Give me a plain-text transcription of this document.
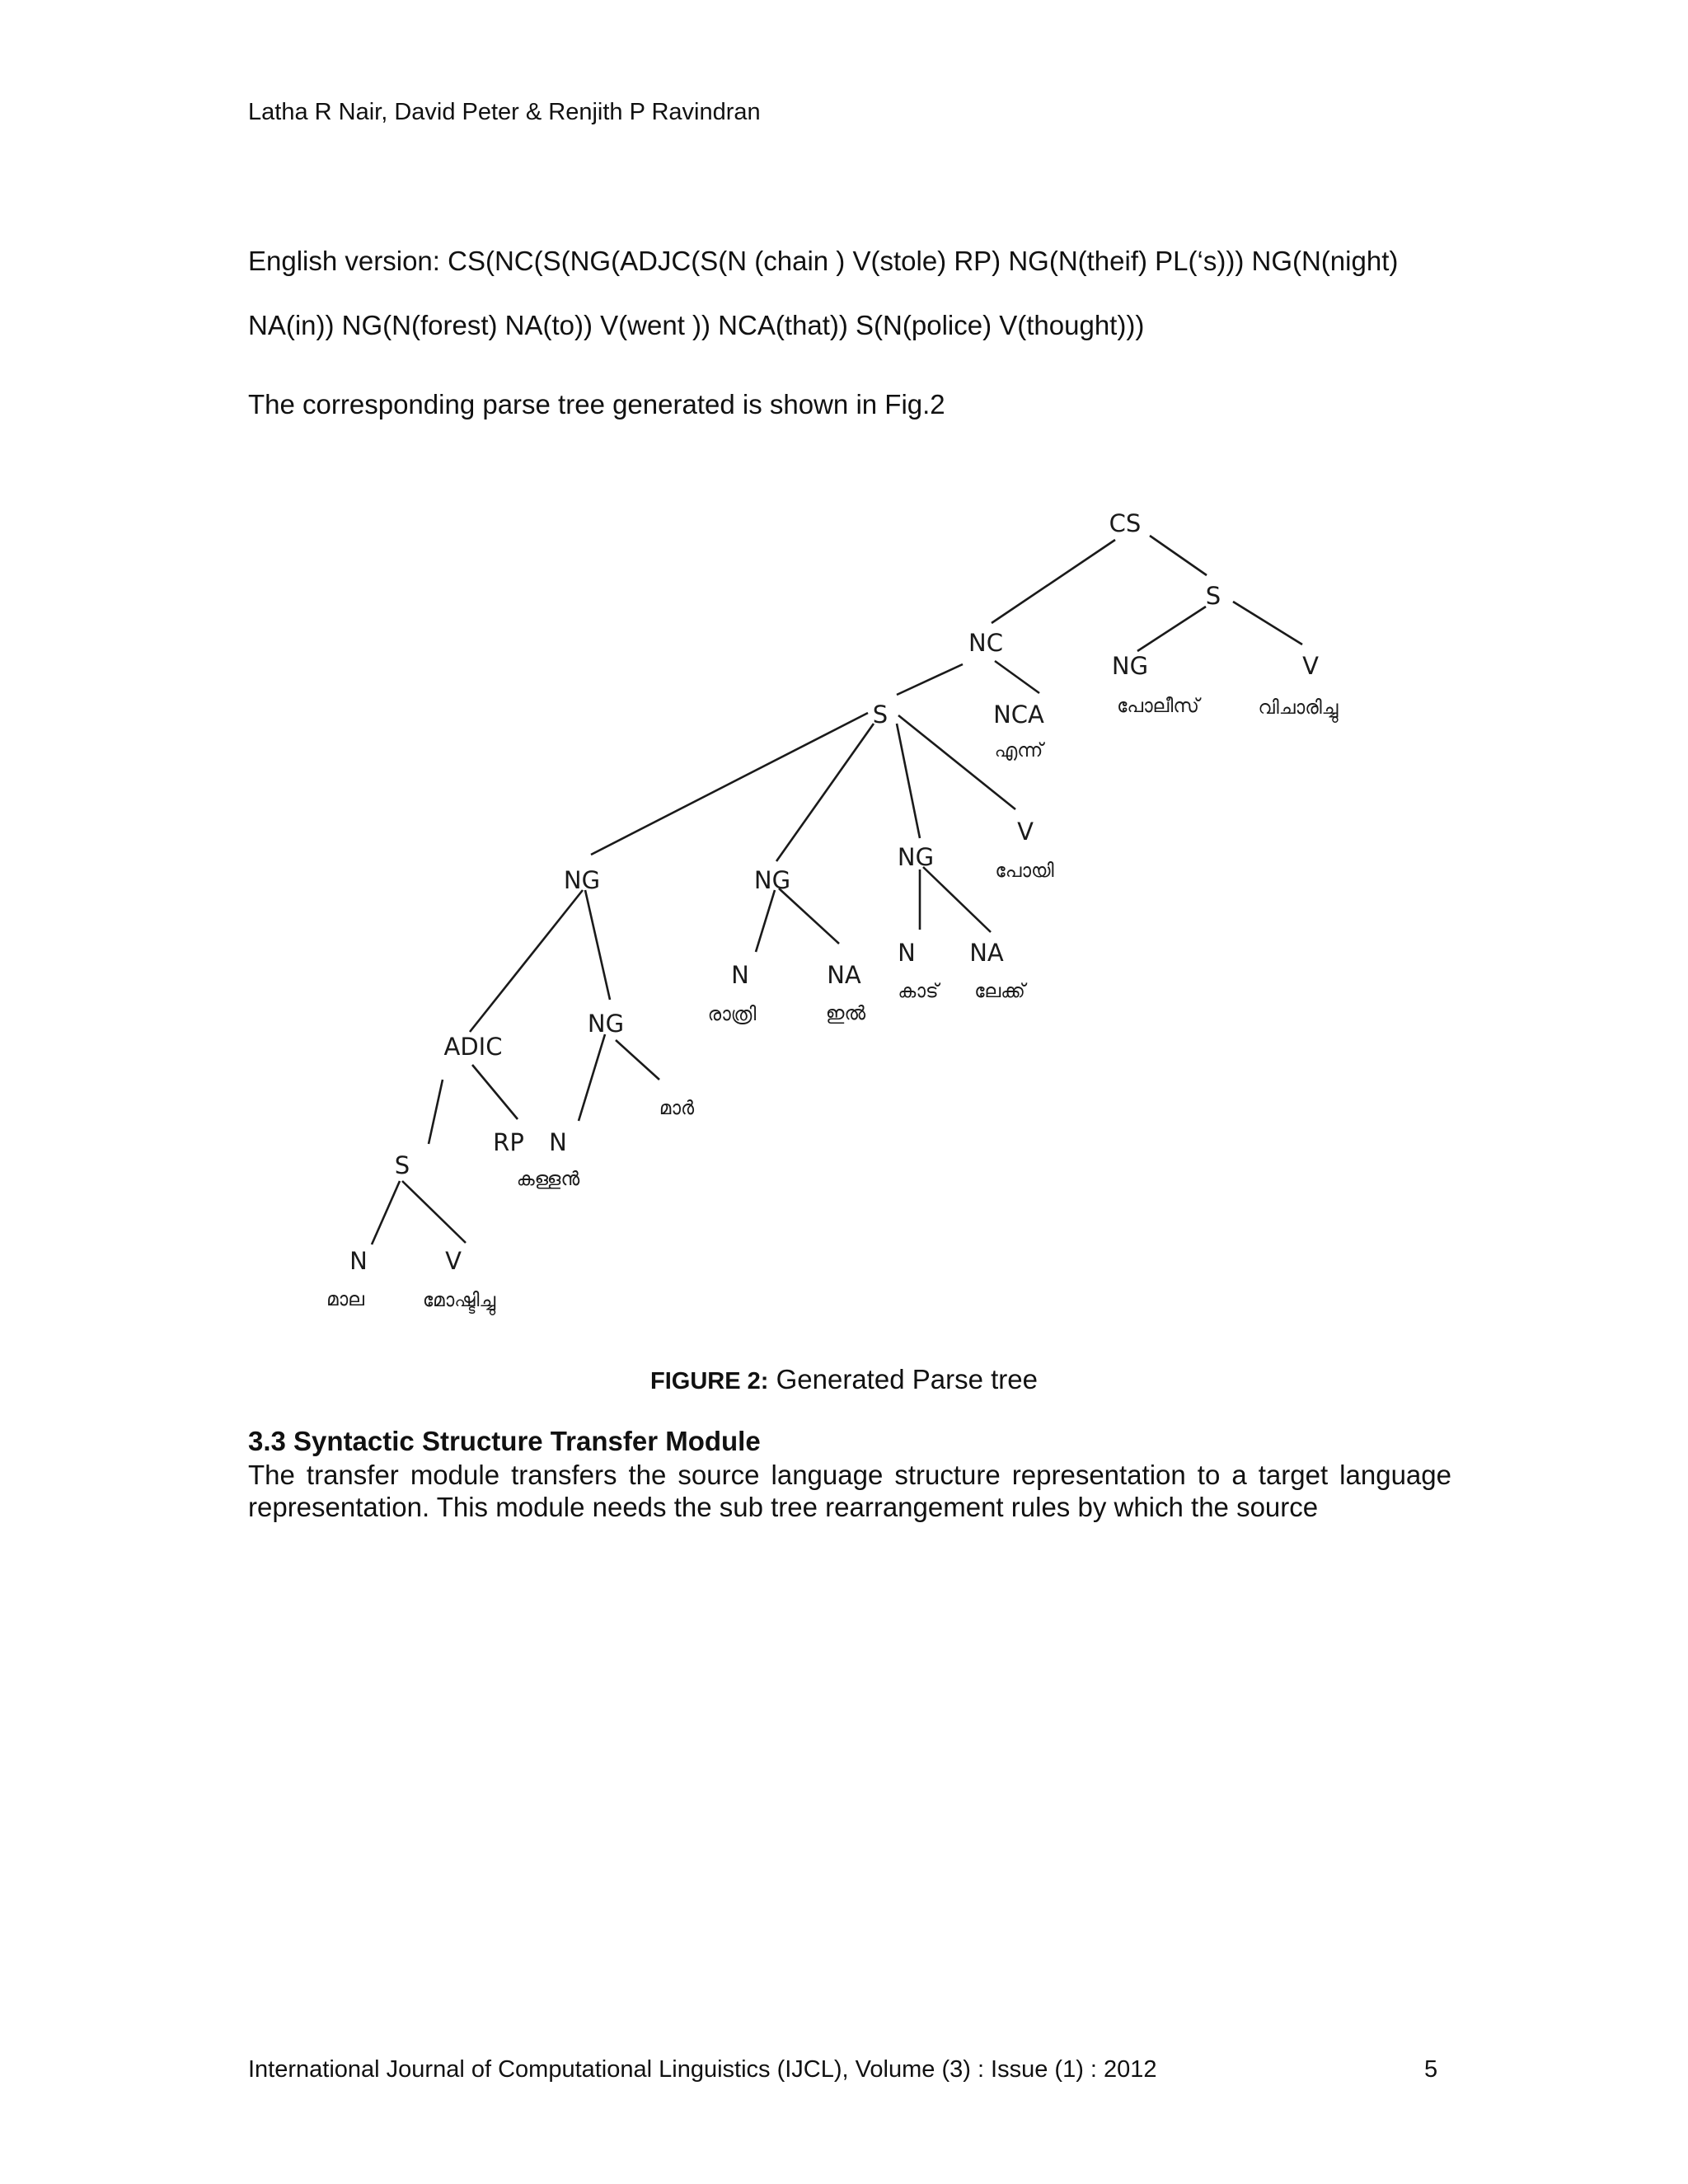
Latha R Nair, David Peter & Renjith P Ravindran
English version: CS(NC(S(NG(ADJC(S(N (chain ) V(stole) RP) NG(N(theif) PL(‘s))) NG(N(night)
NA(in)) NG(N(forest) NA(to)) V(went )) NCA(that)) S(N(police) V(thought)))
The corresponding parse tree generated is shown in Fig.2
CS
S
NC
NG	V
S	NCA
V
NG
NG	NG
N NA
N	NA
NG
ADIC
RP N
S
N	V
പോലീസ്	വിചാരിച്ചു
എന്ന്
പോയി
കാട് ലേക്ക്
രാത്രി	ഇൽ
മാർ
കള്ളൻ
മാല	മോഷ്ടിച്ചു
FIGURE 2: Generated Parse tree
3.3 Syntactic Structure Transfer Module
The transfer module transfers the source language structure representation to a target language
representation. This module needs the sub tree rearrangement rules by which the source
International Journal of Computational Linguistics (IJCL), Volume (3) : Issue (1) : 2012	5
